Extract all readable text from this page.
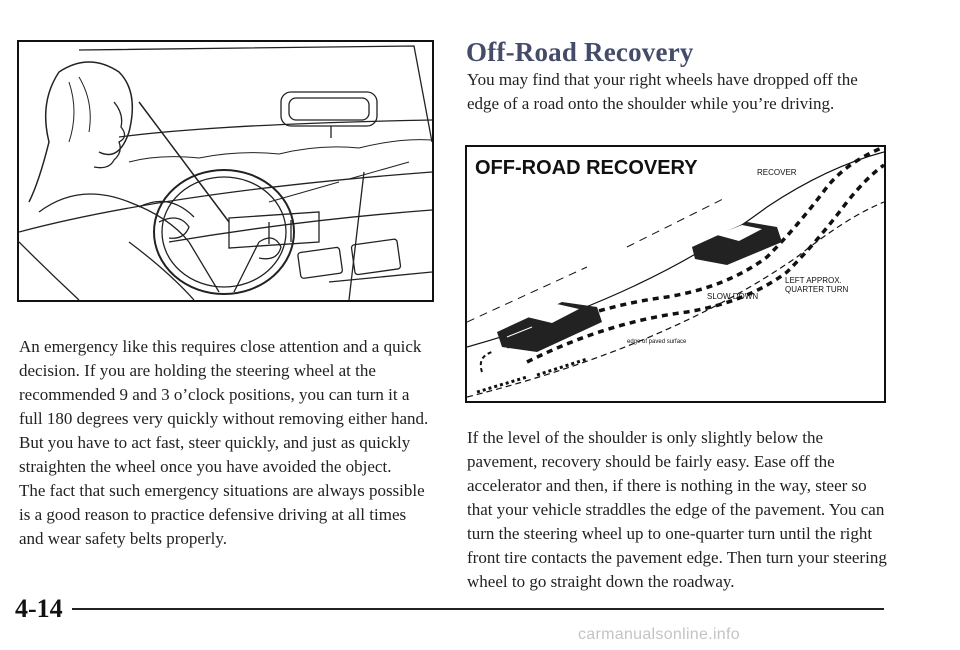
Off-Road Recovery

You may find that your right wheels have dropped off the edge of a road onto the shoulder while you’re driving.

OFF-ROAD RECOVERY	RECOVER
LEFT APPROX.
QUARTER TURN
SLOW DOWN
edge of paved surface

An emergency like this requires close attention and a quick decision. If you are holding the steering wheel at the recommended 9 and 3 o’clock positions, you can turn it a full 180 degrees very quickly without removing either hand. But you have to act fast, steer quickly, and just as quickly straighten the wheel once you have avoided the object.

The fact that such emergency situations are always possible is a good reason to practice defensive driving at all times and wear safety belts properly.

If the level of the shoulder is only slightly below the pavement, recovery should be fairly easy. Ease off the accelerator and then, if there is nothing in the way, steer so that your vehicle straddles the edge of the pavement. You can turn the steering wheel up to one-quarter turn until the right front tire contacts the pavement edge. Then turn your steering wheel to go straight down the roadway.

4-14
carmanualsonline.info
